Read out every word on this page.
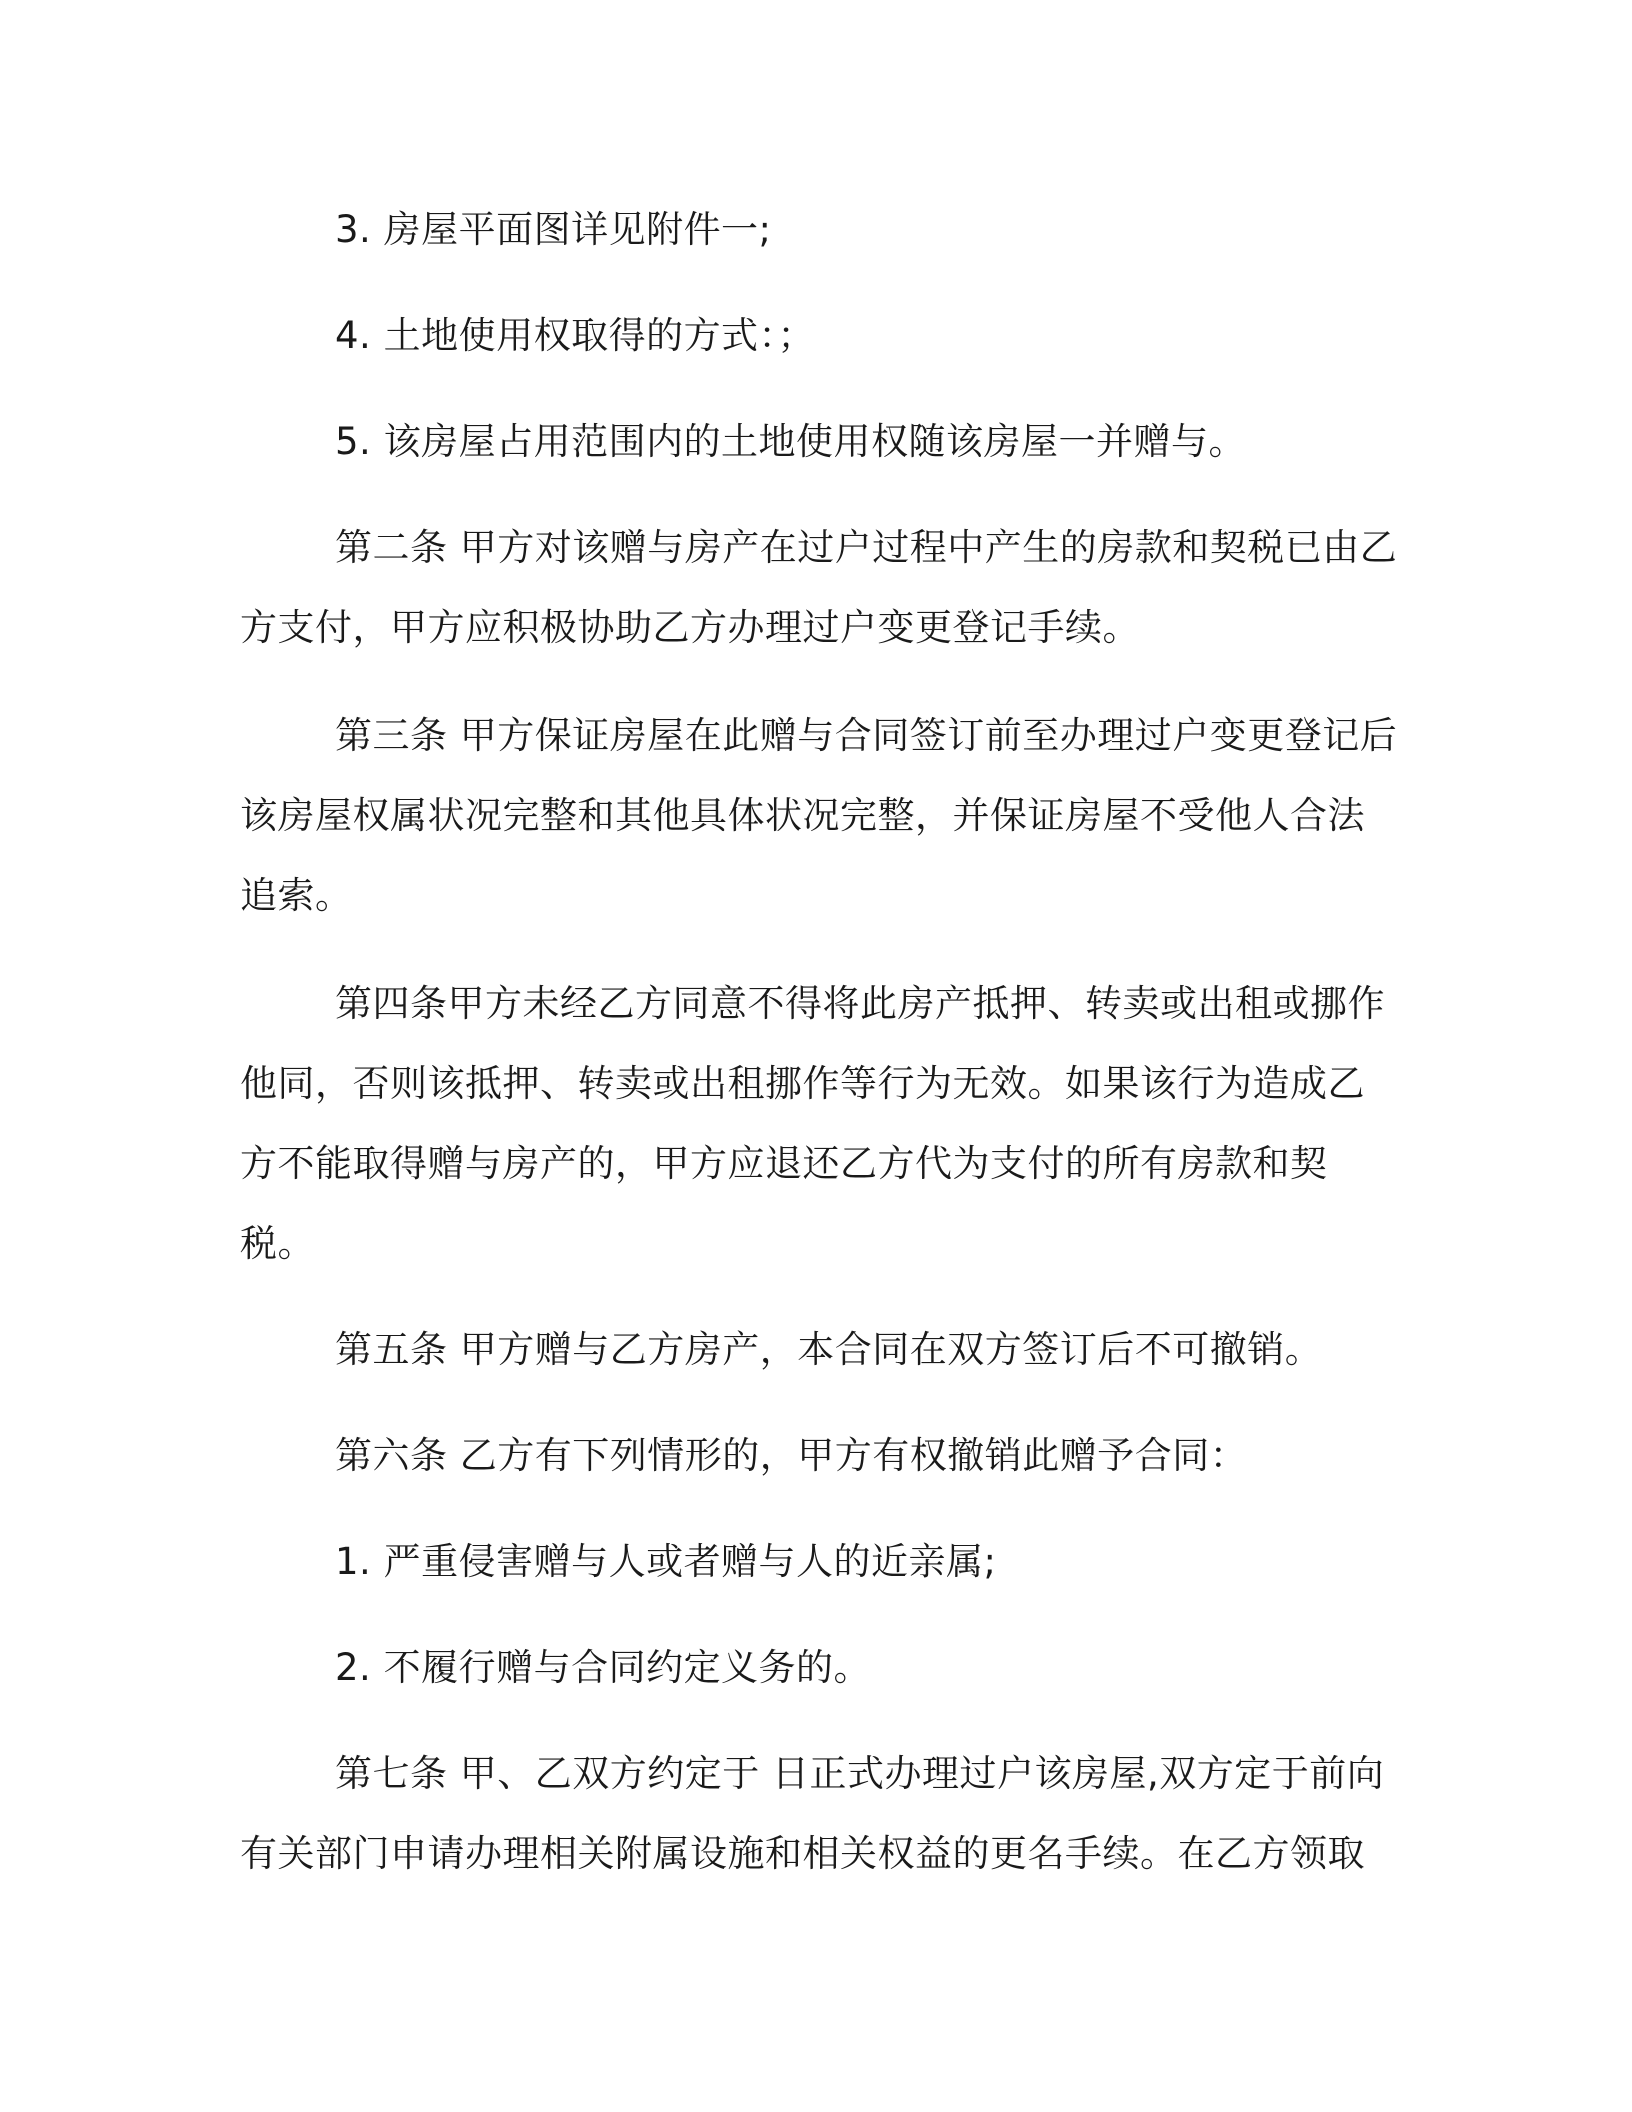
3. 房屋平面图详见附件一;

4. 土地使用权取得的方式：；

5. 该房屋占用范围内的土地使用权随该房屋一并赠与。

第二条 甲方对该赠与房产在过户过程中产生的房款和契税已由乙方支付，甲方应积极协助乙方办理过户变更登记手续。

第三条 甲方保证房屋在此赠与合同签订前至办理过户变更登记后该房屋权属状况完整和其他具体状况完整，并保证房屋不受他人合法追索。

第四条甲方未经乙方同意不得将此房产抵押、转卖或出租或挪作他同，否则该抵押、转卖或出租挪作等行为无效。如果该行为造成乙方不能取得赠与房产的，甲方应退还乙方代为支付的所有房款和契税。

第五条 甲方赠与乙方房产，本合同在双方签订后不可撤销。

第六条 乙方有下列情形的，甲方有权撤销此赠予合同：

1. 严重侵害赠与人或者赠与人的近亲属;

2. 不履行赠与合同约定义务的。

第七条 甲、乙双方约定于 日正式办理过户该房屋,双方定于前向有关部门申请办理相关附属设施和相关权益的更名手续。在乙方领取
